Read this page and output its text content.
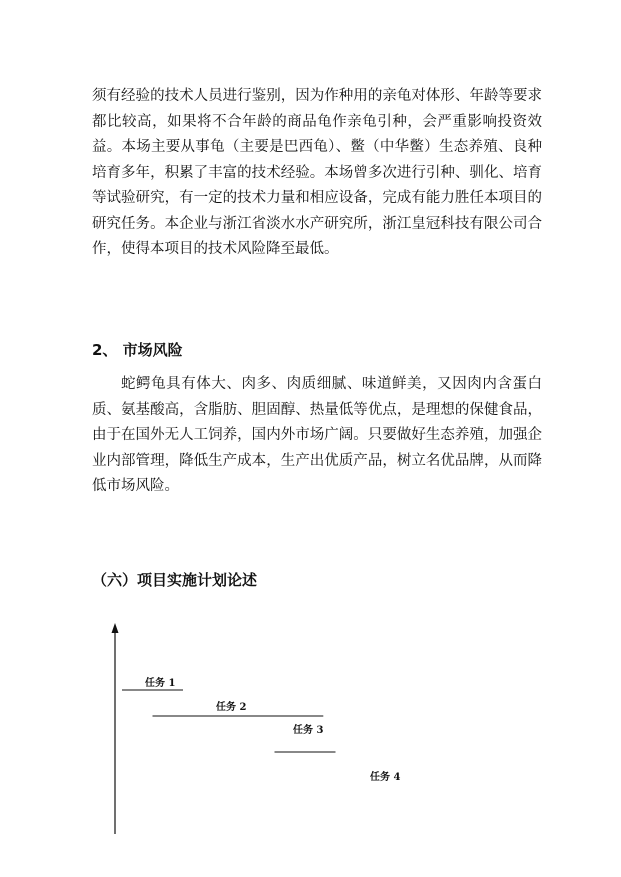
须有经验的技术人员进行鉴别，因为作种用的亲龟对体形、年龄等要求都比较高，如果将不合年龄的商品龟作亲龟引种，会严重影响投资效益。本场主要从事龟（主要是巴西龟）、鳖（中华鳖）生态养殖、良种培育多年，积累了丰富的技术经验。本场曾多次进行引种、驯化、培育等试验研究，有一定的技术力量和相应设备，完成有能力胜任本项目的研究任务。本企业与浙江省淡水水产研究所，浙江皇冠科技有限公司合作，使得本项目的技术风险降至最低。

2、 市场风险

蛇鳄龟具有体大、肉多、肉质细腻、味道鲜美，又因肉内含蛋白质、氨基酸高，含脂肪、胆固醇、热量低等优点，是理想的保健食品，由于在国外无人工饲养，国内外市场广阔。只要做好生态养殖，加强企业内部管理，降低生产成本，生产出优质产品，树立名优品牌，从而降低市场风险。

（六）项目实施计划论述
任务 1
任务 2
任务 3
任务 4
